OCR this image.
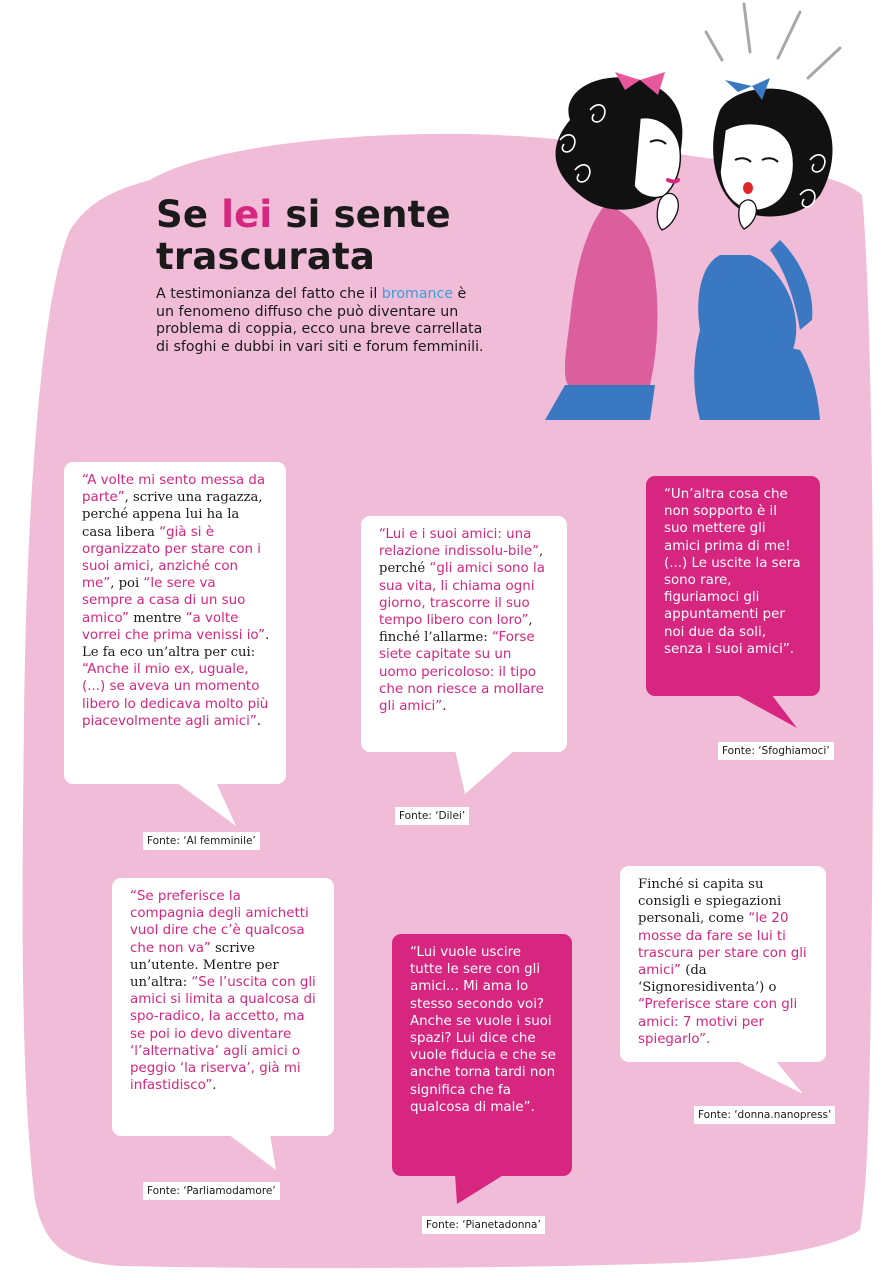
Se lei si sente
trascurata
A testimonianza del fatto che il bromance è un fenomeno diffuso che può diventare un problema di coppia, ecco una breve carrellata di sfoghi e dubbi in vari siti e forum femminili.
“A volte mi sento messa da parte”, scrive una ragazza, perché appena lui ha la casa libera “già si è organizzato per stare con i suoi amici, anziché con me”, poi “le sere va sempre a casa di un suo amico” mentre “a volte vorrei che prima venissi io”. Le fa eco un’altra per cui: “Anche il mio ex, uguale, (...) se aveva un momento libero lo dedicava molto più piacevolmente agli amici”.
Fonte: ‘Al femminile’
“Lui e i suoi amici: una relazione indissolu-bile”, perché “gli amici sono la sua vita, li chiama ogni giorno, trascorre il suo tempo libero con loro”, finché l’allarme: “Forse siete capitate su un uomo pericoloso: il tipo che non riesce a mollare gli amici”.
Fonte: ‘Dilei’
“Un’altra cosa che non sopporto è il suo mettere gli amici prima di me! (...) Le uscite la sera sono rare, figuriamoci gli appuntamenti per noi due da soli, senza i suoi amici”.
Fonte: ‘Sfoghiamoci’
“Se preferisce la compagnia degli amichetti vuol dire che c’è qualcosa che non va” scrive un’utente. Mentre per un’altra: “Se l’uscita con gli amici si limita a qualcosa di spo-radico, la accetto, ma se poi io devo diventare ‘l’alternativa’ agli amici o peggio ‘la riserva’, già mi infastidisco”.
Fonte: ‘Parliamodamore’
“Lui vuole uscire tutte le sere con gli amici... Mi ama lo stesso secondo voi? Anche se vuole i suoi spazi? Lui dice che vuole fiducia e che se anche torna tardi non significa che fa qualcosa di male”.
Fonte: ‘Pianetadonna’
Finché si capita su consigli e spiegazioni personali, come “le 20 mosse da fare se lui ti trascura per stare con gli amici” (da ‘Signoresidiventa’) o “Preferisce stare con gli amici: 7 motivi per spiegarlo”.
Fonte: ‘donna.nanopress’
